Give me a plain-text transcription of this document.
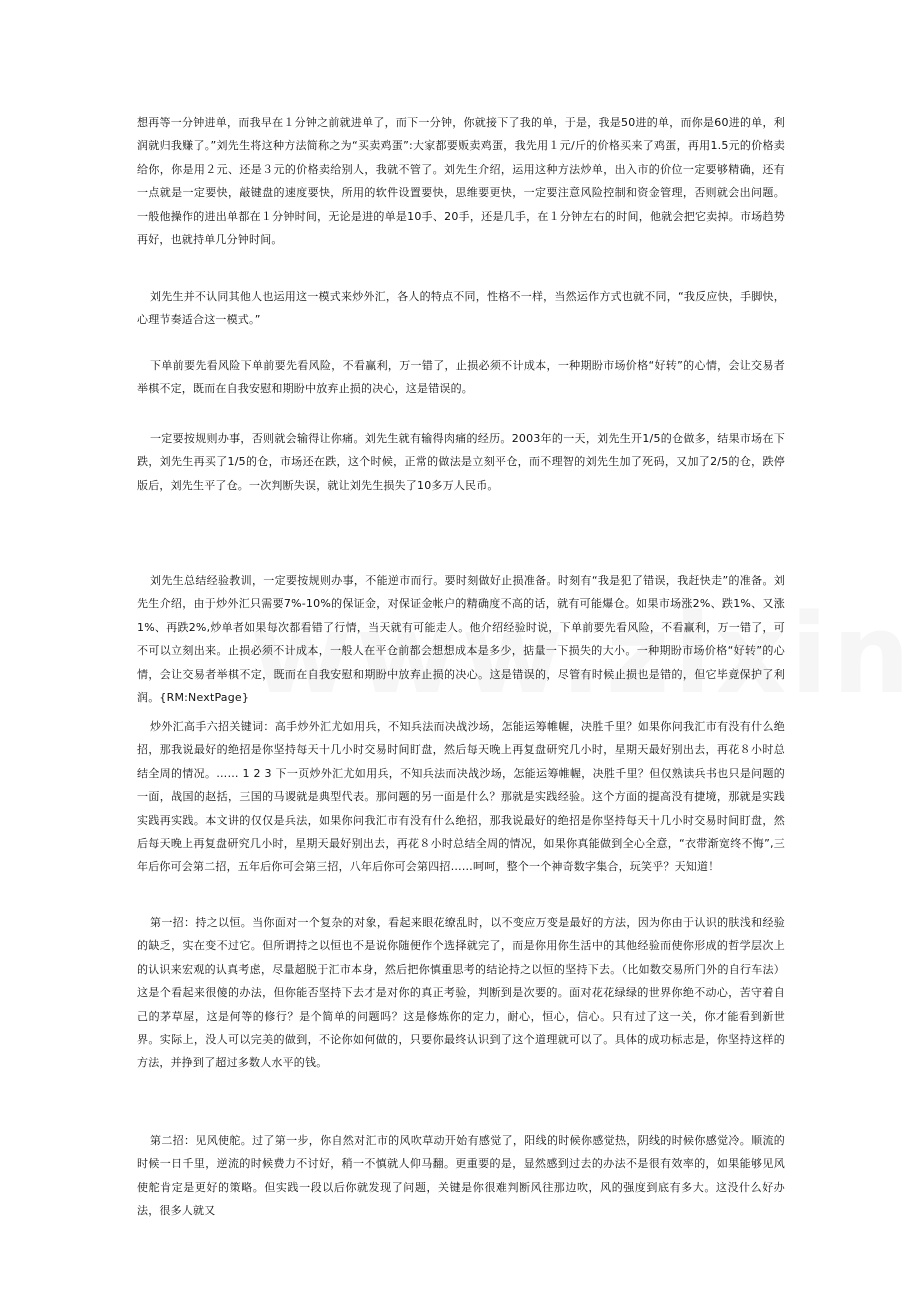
想再等一分钟进单，而我早在１分钟之前就进单了，而下一分钟，你就接下了我的单，于是，我是50进的单，而你是60进的单，利润就归我赚了。”刘先生将这种方法简称之为“买卖鸡蛋”:大家都要贩卖鸡蛋，我先用１元/斤的价格买来了鸡蛋，再用1.5元的价格卖给你，你是用２元、还是３元的价格卖给别人，我就不管了。刘先生介绍，运用这种方法炒单，出入市的价位一定要够精确，还有一点就是一定要快，敲键盘的速度要快，所用的软件设置要快，思维要更快，一定要注意风险控制和资金管理，否则就会出问题。一般他操作的进出单都在１分钟时间，无论是进的单是10手、20手，还是几手，在１分钟左右的时间，他就会把它卖掉。市场趋势再好，也就持单几分钟时间。

刘先生并不认同其他人也运用这一模式来炒外汇，各人的特点不同，性格不一样，当然运作方式也就不同，“我反应快，手脚快，心理节奏适合这一模式。”

下单前要先看风险下单前要先看风险，不看赢利，万一错了，止损必须不计成本，一种期盼市场价格“好转”的心情，会让交易者举棋不定，既而在自我安慰和期盼中放弃止损的决心，这是错误的。

一定要按规则办事，否则就会输得让你痛。刘先生就有输得肉痛的经历。2003年的一天，刘先生开1/5的仓做多，结果市场在下跌，刘先生再买了1/5的仓，市场还在跌，这个时候，正常的做法是立刻平仓，而不理智的刘先生加了死码，又加了2/5的仓，跌停版后，刘先生平了仓。一次判断失误，就让刘先生损失了10多万人民币。

刘先生总结经验教训，一定要按规则办事，不能逆市而行。要时刻做好止损准备。时刻有“我是犯了错误，我赶快走”的准备。刘先生介绍，由于炒外汇只需要7%-10%的保证金，对保证金帐户的精确度不高的话，就有可能爆仓。如果市场涨2%、跌1%、又涨1%、再跌2%,炒单者如果每次都看错了行情，当天就有可能走人。他介绍经验时说，下单前要先看风险，不看赢利，万一错了，可不可以立刻出来。止损必须不计成本，一般人在平仓前都会想想成本是多少，掂量一下损失的大小。一种期盼市场价格“好转”的心情，会让交易者举棋不定，既而在自我安慰和期盼中放弃止损的决心。这是错误的，尽管有时候止损也是错的，但它毕竟保护了利润。{RM:NextPage}

炒外汇高手六招关键词：高手炒外汇尤如用兵，不知兵法而决战沙场，怎能运筹帷幄，决胜千里？如果你问我汇市有没有什么绝招，那我说最好的绝招是你坚持每天十几小时交易时间盯盘，然后每天晚上再复盘研究几小时，星期天最好别出去，再花８小时总结全周的情况。…… 1 2 3 下一页炒外汇尤如用兵，不知兵法而决战沙场，怎能运筹帷幄，决胜千里？但仅熟读兵书也只是问题的一面，战国的赵括，三国的马谡就是典型代表。那问题的另一面是什么？那就是实践经验。这个方面的提高没有捷境，那就是实践实践再实践。本文讲的仅仅是兵法，如果你问我汇市有没有什么绝招，那我说最好的绝招是你坚持每天十几小时交易时间盯盘，然后每天晚上再复盘研究几小时，星期天最好别出去，再花８小时总结全周的情况，如果你真能做到全心全意，“衣带渐宽终不悔”,三年后你可会第二招，五年后你可会第三招，八年后你可会第四招……呵呵，整个一个神奇数字集合，玩笑乎？天知道！

第一招：持之以恒。当你面对一个复杂的对象，看起来眼花缭乱时，以不变应万变是最好的方法，因为你由于认识的肤浅和经验的缺乏，实在变不过它。但所谓持之以恒也不是说你随便作个选择就完了，而是你用你生活中的其他经验而使你形成的哲学层次上的认识来宏观的认真考虑，尽量超脱于汇市本身，然后把你慎重思考的结论持之以恒的坚持下去。（比如数交易所门外的自行车法）这是个看起来很傻的办法，但你能否坚持下去才是对你的真正考验，判断到是次要的。面对花花绿绿的世界你绝不动心，苦守着自己的茅草屋，这是何等的修行？是个简单的问题吗？这是修炼你的定力，耐心，恒心，信心。只有过了这一关，你才能看到新世界。实际上，没人可以完美的做到，不论你如何做的，只要你最终认识到了这个道理就可以了。具体的成功标志是，你坚持这样的方法，并挣到了超过多数人水平的钱。

第二招：见风使舵。过了第一步，你自然对汇市的风吹草动开始有感觉了，阳线的时候你感觉热，阴线的时候你感觉冷。顺流的时候一日千里，逆流的时候费力不讨好，稍一不慎就人仰马翻。更重要的是，显然感到过去的办法不是很有效率的，如果能够见风使舵肯定是更好的策略。但实践一段以后你就发现了问题，关键是你很难判断风往那边吹，风的强度到底有多大。这没什么好办法，很多人就又
